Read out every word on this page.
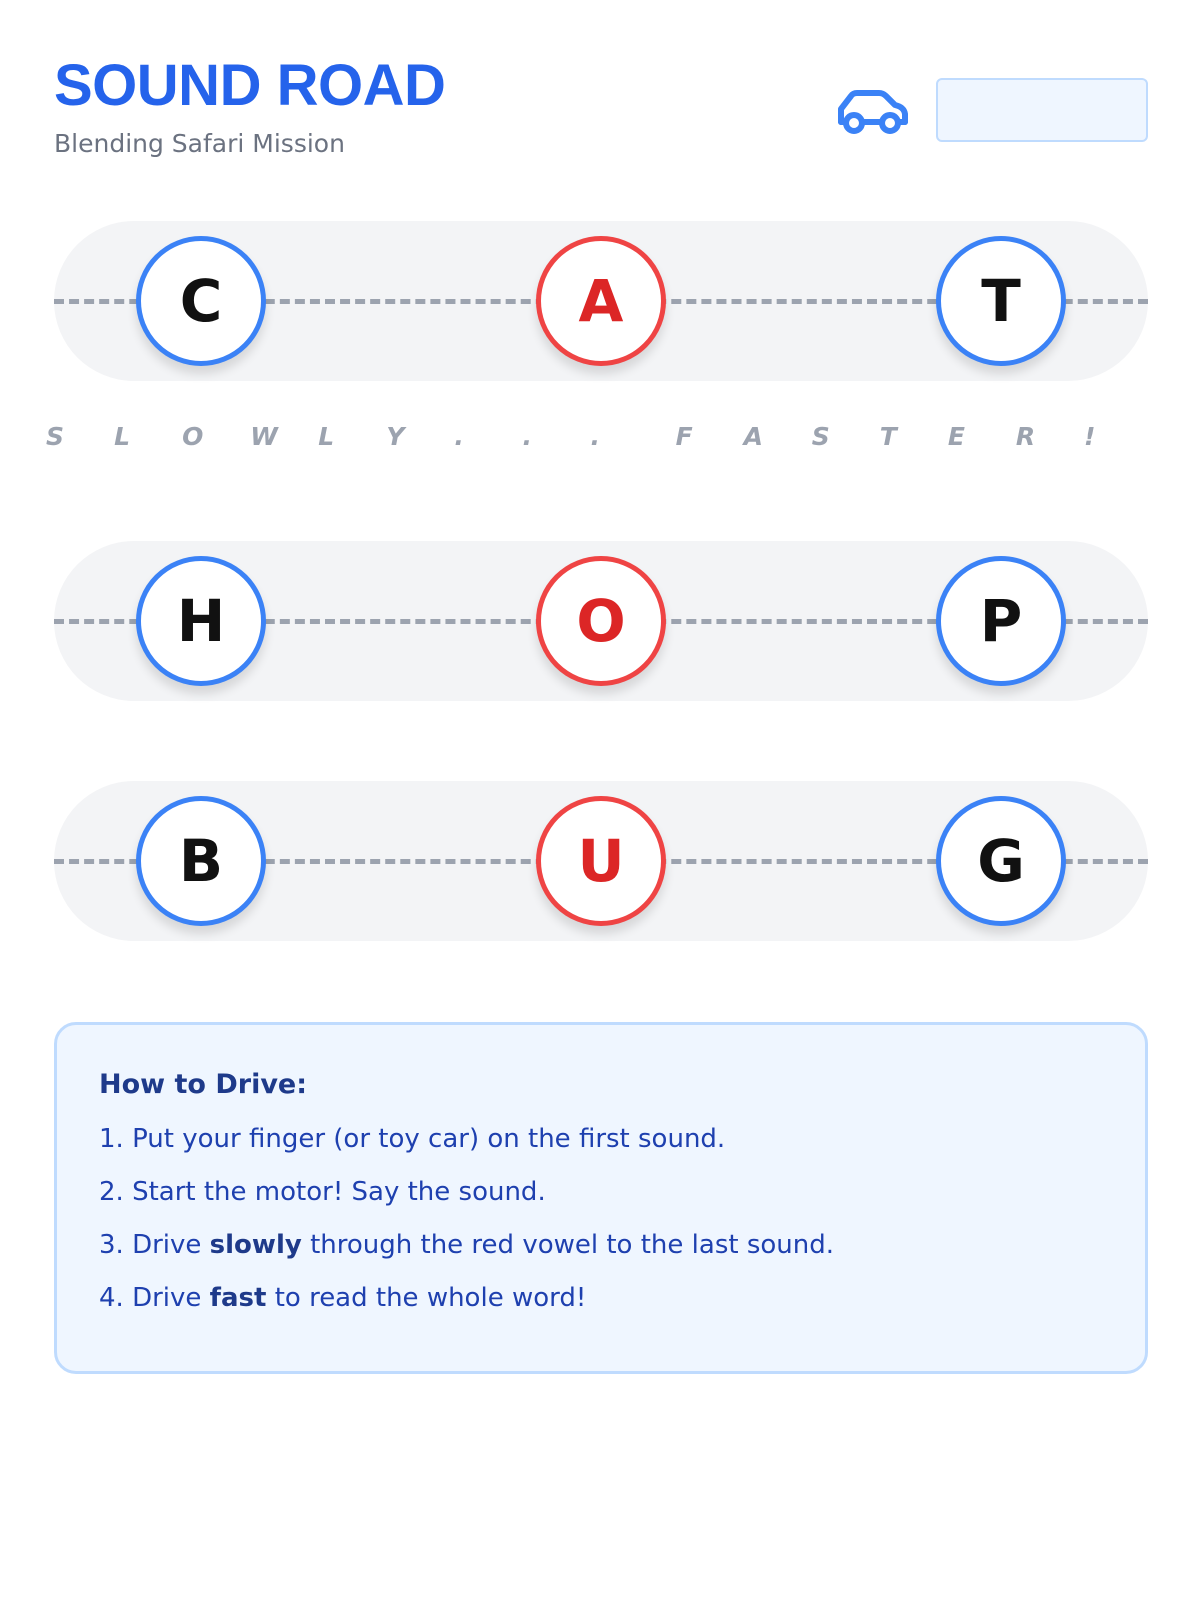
SOUND ROAD
Blending Safari Mission
C	A	T
S L O W L Y . . .	F A S T E R !
H	O	P
B	U	G
How to Drive:
1. Put your finger (or toy car) on the first sound.
2. Start the motor! Say the sound.
3. Drive slowly through the red vowel to the last sound.
4. Drive fast to read the whole word!
